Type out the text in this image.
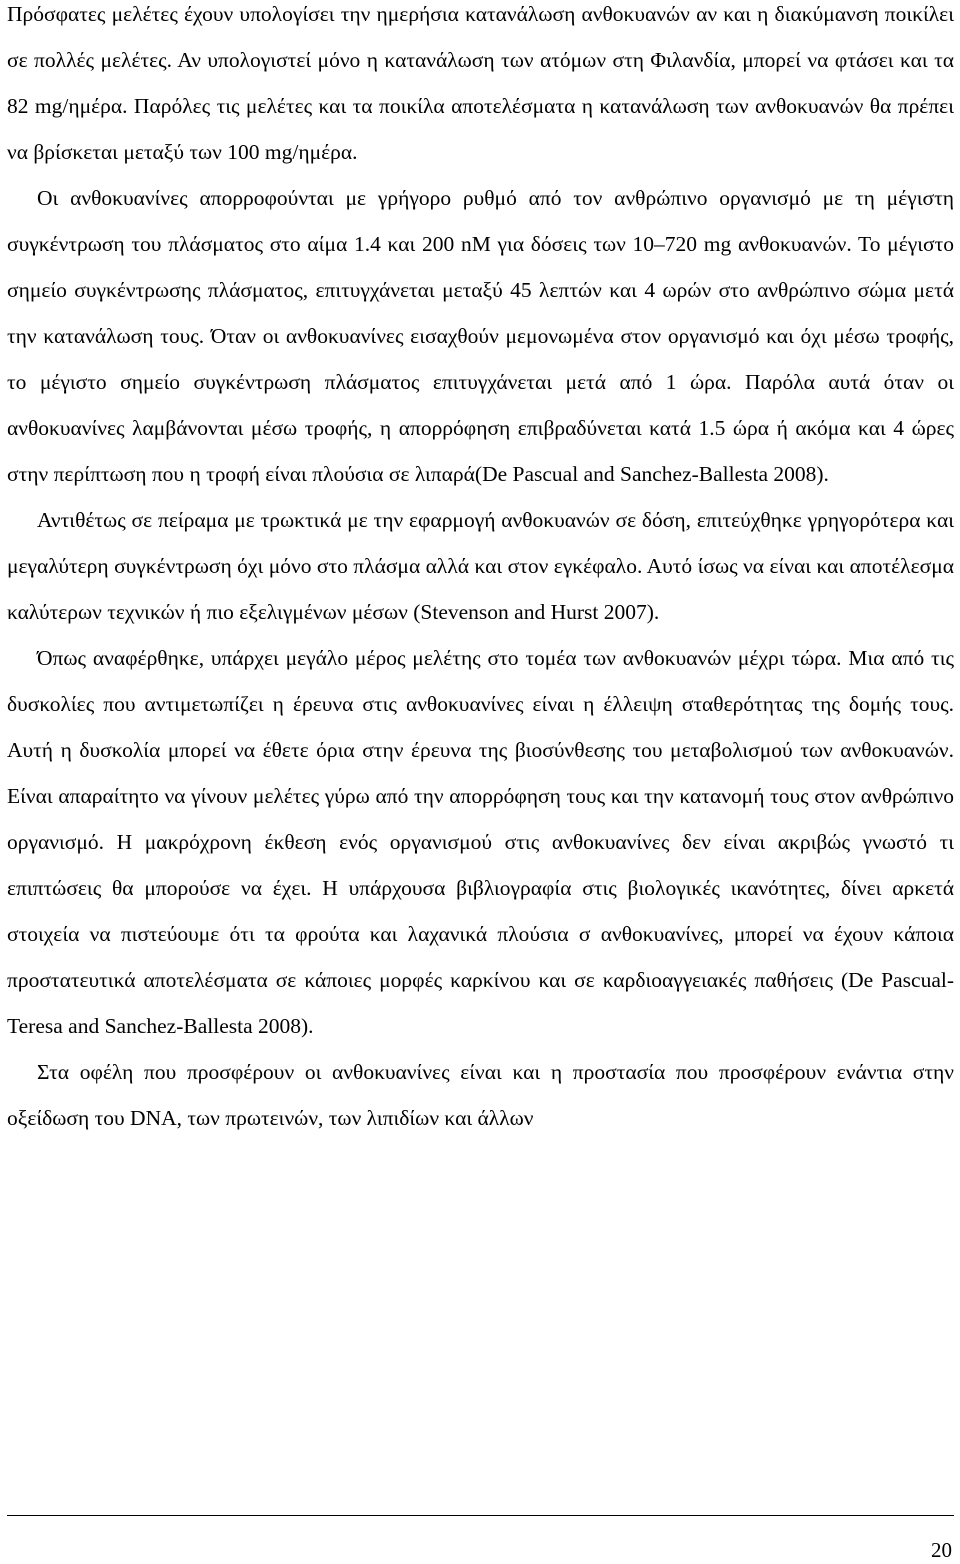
Πρόσφατες μελέτες έχουν υπολογίσει την ημερήσια κατανάλωση ανθοκυανών αν και η διακύμανση ποικίλει σε πολλές μελέτες. Αν υπολογιστεί μόνο η κατανάλωση των ατόμων στη Φιλανδία, μπορεί να φτάσει και τα 82 mg/ημέρα. Παρόλες τις μελέτες και τα ποικίλα αποτελέσματα η κατανάλωση των ανθοκυανών θα πρέπει να βρίσκεται μεταξύ των 100 mg/ημέρα.

Οι ανθοκυανίνες απορροφούνται με γρήγορο ρυθμό από τον ανθρώπινο οργανισμό με τη μέγιστη συγκέντρωση του πλάσματος στο αίμα 1.4 και 200 nM για δόσεις των 10–720 mg ανθοκυανών. Το μέγιστο σημείο συγκέντρωσης πλάσματος, επιτυγχάνεται μεταξύ 45 λεπτών και 4 ωρών στο ανθρώπινο σώμα μετά την κατανάλωση τους. Όταν οι ανθοκυανίνες εισαχθούν μεμονωμένα στον οργανισμό και όχι μέσω τροφής, το μέγιστο σημείο συγκέντρωση πλάσματος επιτυγχάνεται μετά από 1 ώρα. Παρόλα αυτά όταν οι ανθοκυανίνες λαμβάνονται μέσω τροφής, η απορρόφηση επιβραδύνεται κατά 1.5 ώρα ή ακόμα και 4 ώρες στην περίπτωση που η τροφή είναι πλούσια σε λιπαρά(De Pascual and Sanchez-Ballesta 2008).

Αντιθέτως σε πείραμα με τρωκτικά με την εφαρμογή ανθοκυανών σε δόση, επιτεύχθηκε γρηγορότερα και μεγαλύτερη συγκέντρωση όχι μόνο στο πλάσμα αλλά και στον εγκέφαλο. Αυτό ίσως να είναι και αποτέλεσμα καλύτερων τεχνικών ή πιο εξελιγμένων μέσων (Stevenson and Hurst 2007).

Όπως αναφέρθηκε, υπάρχει μεγάλο μέρος μελέτης στο τομέα των ανθοκυανών μέχρι τώρα. Μια από τις δυσκολίες που αντιμετωπίζει η έρευνα στις ανθοκυανίνες είναι η έλλειψη σταθερότητας της δομής τους. Αυτή η δυσκολία μπορεί να έθετε όρια στην έρευνα της βιοσύνθεσης του μεταβολισμού των ανθοκυανών. Είναι απαραίτητο να γίνουν μελέτες γύρω από την απορρόφηση τους και την κατανομή τους στον ανθρώπινο οργανισμό. Η μακρόχρονη έκθεση ενός οργανισμού στις ανθοκυανίνες δεν είναι ακριβώς γνωστό τι επιπτώσεις θα μπορούσε να έχει. Η υπάρχουσα βιβλιογραφία στις βιολογικές ικανότητες, δίνει αρκετά στοιχεία να πιστεύουμε ότι τα φρούτα και λαχανικά πλούσια σ ανθοκυανίνες, μπορεί να έχουν κάποια προστατευτικά αποτελέσματα σε κάποιες μορφές καρκίνου και σε καρδιοαγγειακές παθήσεις (De Pascual-Teresa and Sanchez-Ballesta 2008).

Στα οφέλη που προσφέρουν οι ανθοκυανίνες είναι και η προστασία που προσφέρουν ενάντια στην οξείδωση του DNA, των πρωτεινών, των λιπιδίων και άλλων

20
